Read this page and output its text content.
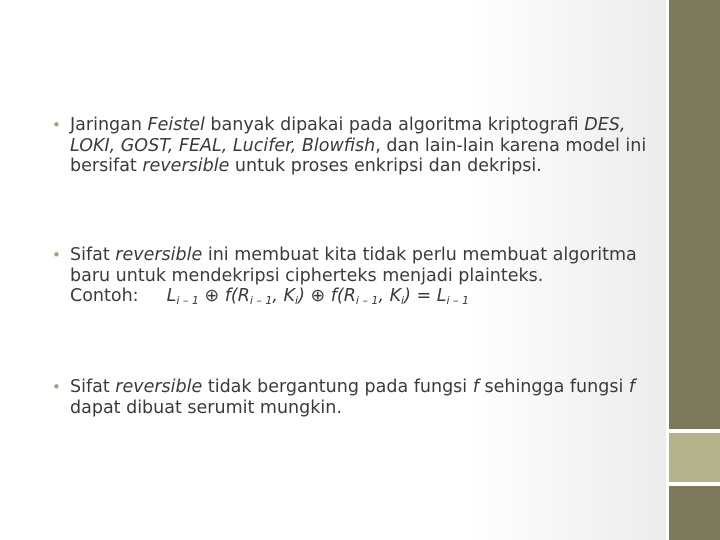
• Jaringan Feistel banyak dipakai pada algoritma kriptografi DES, LOKI, GOST, FEAL, Lucifer, Blowfish, dan lain-lain karena model ini bersifat reversible untuk proses enkripsi dan dekripsi.
• Sifat reversible ini membuat kita tidak perlu membuat algoritma baru untuk mendekripsi cipherteks menjadi plainteks.
Contoh: $L_{i - 1}$ ⊕ $f(R_{i - 1}$, $K_i$) ⊕ $f(R_{i - 1}$, $K_i) = L_{i - 1}$
• Sifat reversible tidak bergantung pada fungsi f sehingga fungsi f dapat dibuat serumit mungkin.
